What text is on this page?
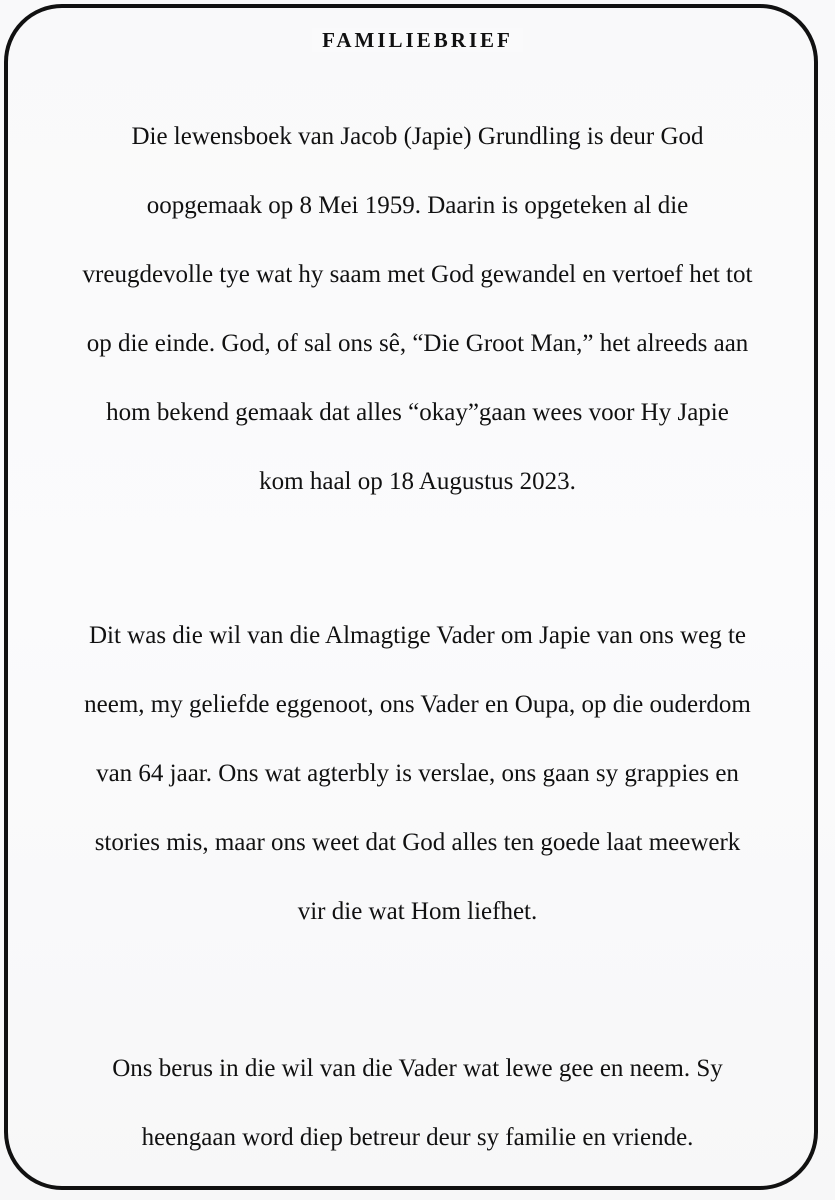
FAMILIEBRIEF

Die lewensboek van Jacob (Japie) Grundling is deur God
oopgemaak op 8 Mei 1959. Daarin is opgeteken al die
vreugdevolle tye wat hy saam met God gewandel en vertoef het tot
op die einde. God, of sal ons sê, “Die Groot Man,” het alreeds aan
hom bekend gemaak dat alles “okay”gaan wees voor Hy Japie
kom haal op 18 Augustus 2023.

Dit was die wil van die Almagtige Vader om Japie van ons weg te
neem, my geliefde eggenoot, ons Vader en Oupa, op die ouderdom
van 64 jaar. Ons wat agterbly is verslae, ons gaan sy grappies en
stories mis, maar ons weet dat God alles ten goede laat meewerk
vir die wat Hom liefhet.

Ons berus in die wil van die Vader wat lewe gee en neem. Sy
heengaan word diep betreur deur sy familie en vriende.
